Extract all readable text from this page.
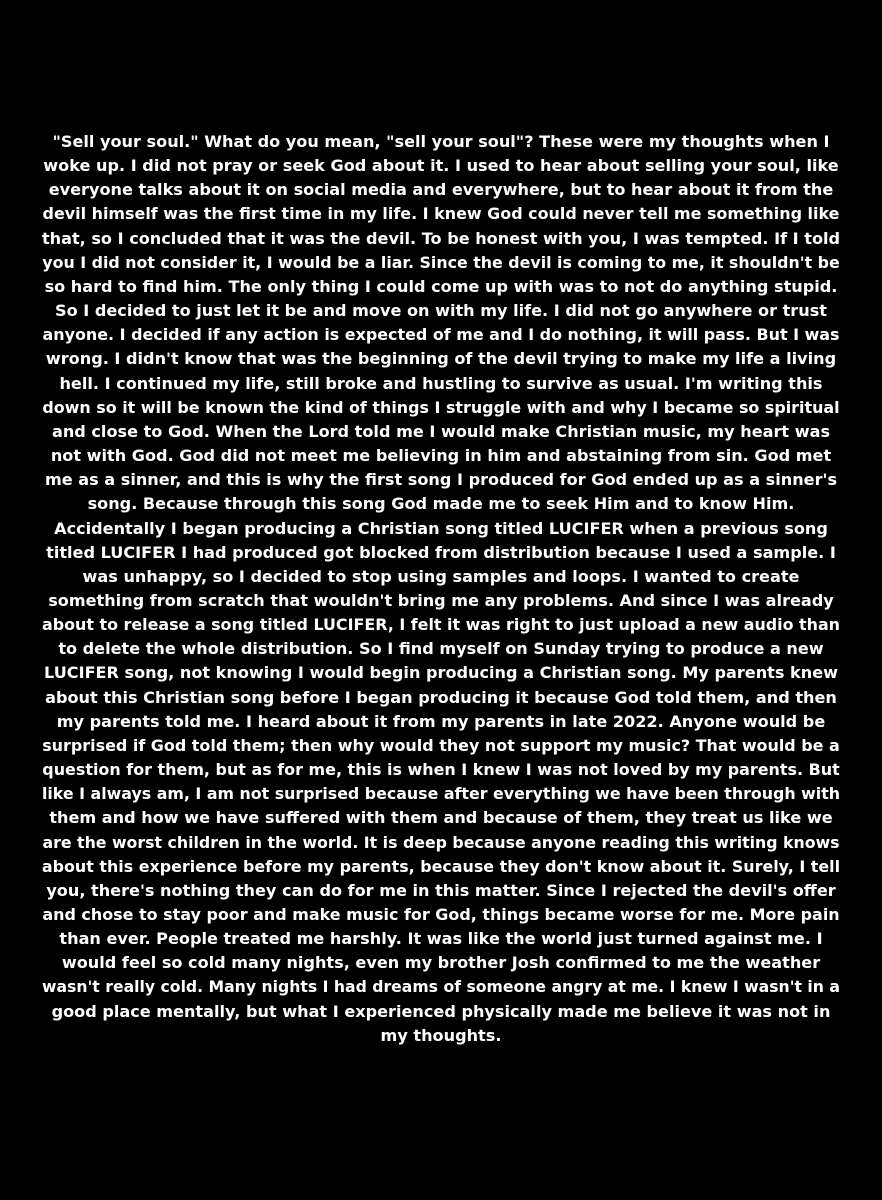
"Sell your soul." What do you mean, "sell your soul"? These were my thoughts when I
woke up. I did not pray or seek God about it. I used to hear about selling your soul, like
everyone talks about it on social media and everywhere, but to hear about it from the
devil himself was the first time in my life. I knew God could never tell me something like
that, so I concluded that it was the devil. To be honest with you, I was tempted. If I told
you I did not consider it, I would be a liar. Since the devil is coming to me, it shouldn't be
so hard to find him. The only thing I could come up with was to not do anything stupid.
So I decided to just let it be and move on with my life. I did not go anywhere or trust
anyone. I decided if any action is expected of me and I do nothing, it will pass. But I was
wrong. I didn't know that was the beginning of the devil trying to make my life a living
hell. I continued my life, still broke and hustling to survive as usual. I'm writing this
down so it will be known the kind of things I struggle with and why I became so spiritual
and close to God. When the Lord told me I would make Christian music, my heart was
not with God. God did not meet me believing in him and abstaining from sin. God met
me as a sinner, and this is why the first song I produced for God ended up as a sinner's
song. Because through this song God made me to seek Him and to know Him.
Accidentally I began producing a Christian song titled LUCIFER when a previous song
titled LUCIFER I had produced got blocked from distribution because I used a sample. I
was unhappy, so I decided to stop using samples and loops. I wanted to create
something from scratch that wouldn't bring me any problems. And since I was already
about to release a song titled LUCIFER, I felt it was right to just upload a new audio than
to delete the whole distribution. So I find myself on Sunday trying to produce a new
LUCIFER song, not knowing I would begin producing a Christian song. My parents knew
about this Christian song before I began producing it because God told them, and then
my parents told me. I heard about it from my parents in late 2022. Anyone would be
surprised if God told them; then why would they not support my music? That would be a
question for them, but as for me, this is when I knew I was not loved by my parents. But
like I always am, I am not surprised because after everything we have been through with
them and how we have suffered with them and because of them, they treat us like we
are the worst children in the world. It is deep because anyone reading this writing knows
about this experience before my parents, because they don't know about it. Surely, I tell
you, there's nothing they can do for me in this matter. Since I rejected the devil's offer
and chose to stay poor and make music for God, things became worse for me. More pain
than ever. People treated me harshly. It was like the world just turned against me. I
would feel so cold many nights, even my brother Josh confirmed to me the weather
wasn't really cold. Many nights I had dreams of someone angry at me. I knew I wasn't in a
good place mentally, but what I experienced physically made me believe it was not in
my thoughts.
